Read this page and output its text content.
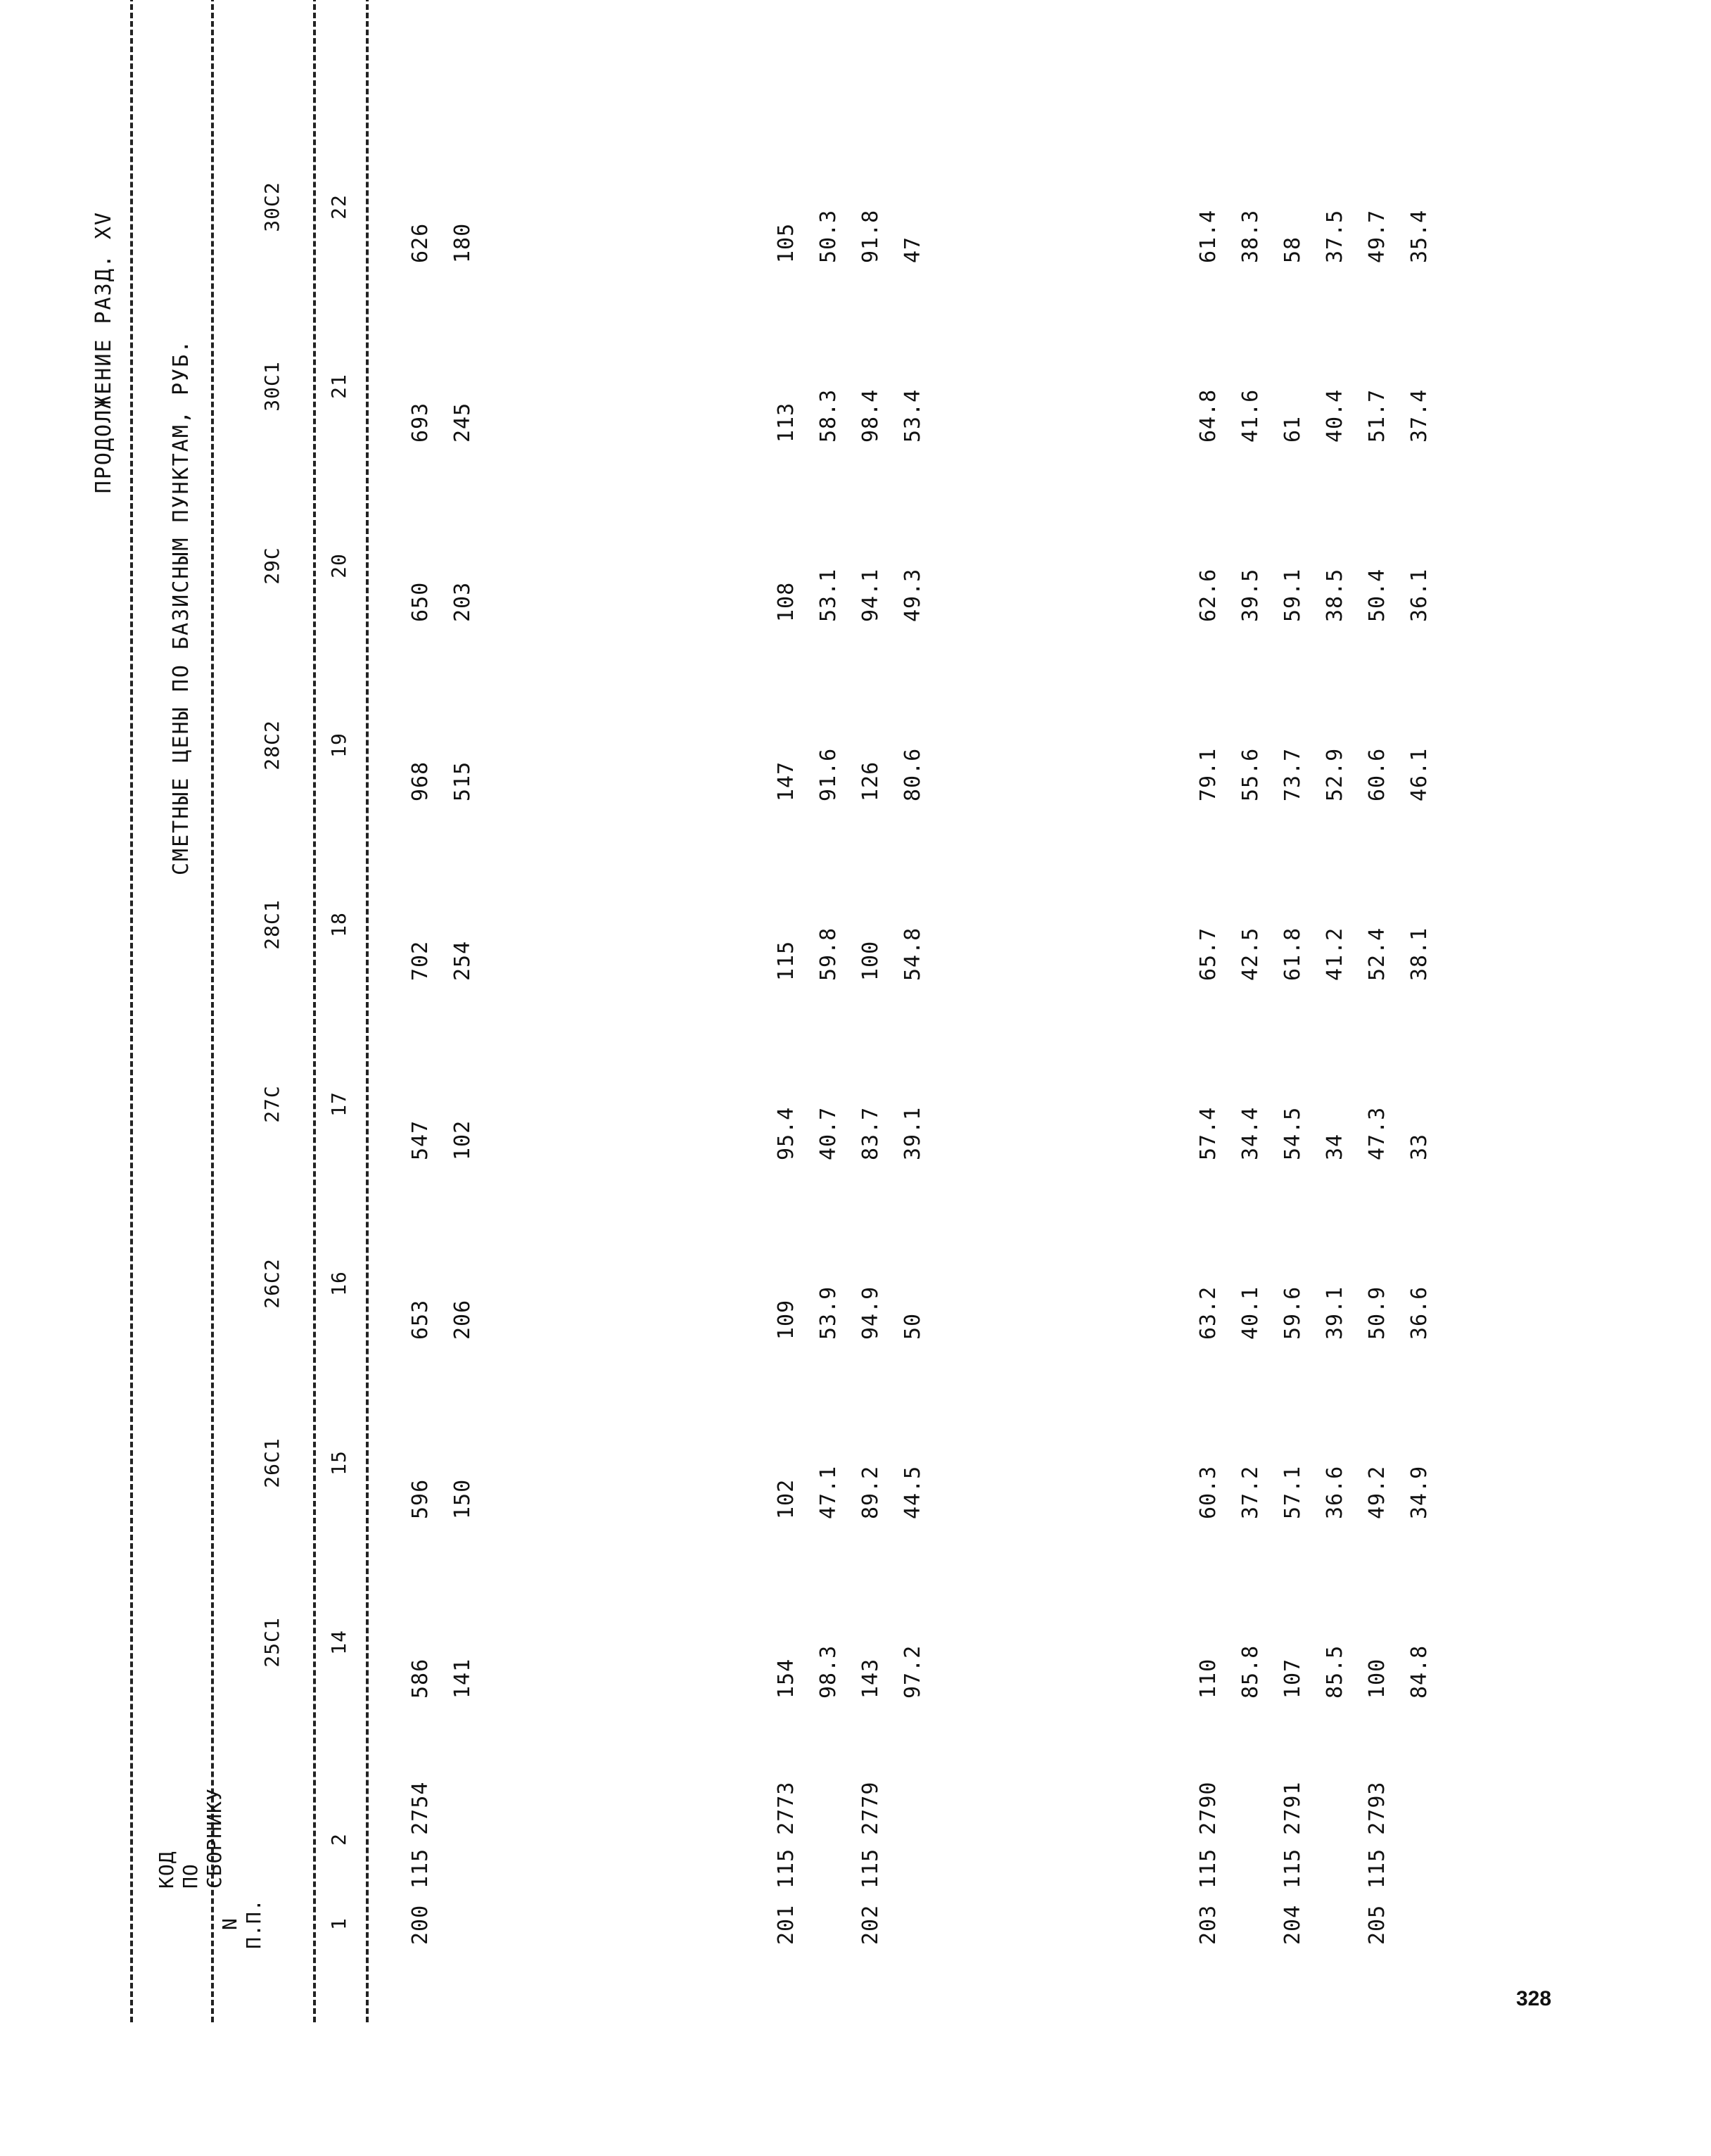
328
ПРОДОЛЖЕНИЕ РАЗД. XV
N П.П.
КОД ПО СБОРНИКУ
СМЕТНЫЕ ЦЕНЫ ПО БАЗИСНЫМ ПУНКТАМ, РУБ.
1
2
25С1 14
26С1 15
26С2 16
27С 17
28С1 18
28С2 19
29С 20
30С1 21
30С2 22
200
115 2754
586
596
653
547
702
968
650
693
626
141
150
206
102
254
515
203
245
180
201
115 2773
154
102
109
95.4
115
147
108
113
105
98.3
47.1
53.9
40.7
59.8
91.6
53.1
58.3
50.3
202
115 2779
143
89.2
94.9
83.7
100
126
94.1
98.4
91.8
97.2
44.5
50
39.1
54.8
80.6
49.3
53.4
47
203
115 2790
110
60.3
63.2
57.4
65.7
79.1
62.6
64.8
61.4
85.8
37.2
40.1
34.4
42.5
55.6
39.5
41.6
38.3
204
115 2791
107
57.1
59.6
54.5
61.8
73.7
59.1
61
58
85.5
36.6
39.1
34
41.2
52.9
38.5
40.4
37.5
205
115 2793
100
49.2
50.9
47.3
52.4
60.6
50.4
51.7
49.7
84.8
34.9
36.6
33
38.1
46.1
36.1
37.4
35.4
